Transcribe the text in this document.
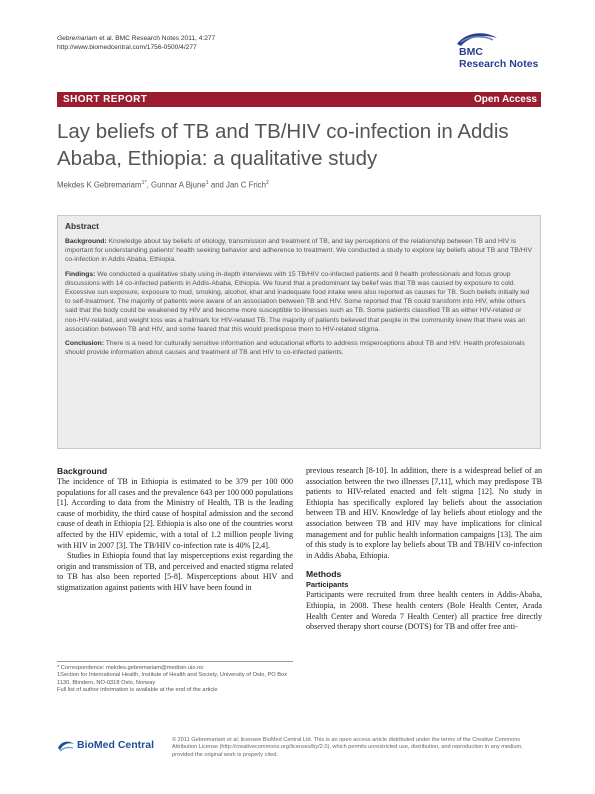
Gebremariam et al. BMC Research Notes 2011, 4:277
http://www.biomedcentral.com/1756-0500/4/277	BMC
Research Notes
SHORT REPORT	Open Access
Lay beliefs of TB and TB/HIV co-infection in Addis Ababa, Ethiopia: a qualitative study
Mekdes K Gebremariam$^{1*}$, Gunnar A Bjune$^1$ and Jan C Frich$^2$
Abstract

Background: Knowledge about lay beliefs of etiology, transmission and treatment of TB, and lay perceptions of the relationship between TB and HIV is important for understanding patients' health seeking behavior and adherence to treatment. We conducted a study to explore lay beliefs about TB and TB/HIV co-infection in Addis Ababa, Ethiopia.

Findings: We conducted a qualitative study using in-depth interviews with 15 TB/HIV co-infected patients and 9 health professionals and focus group discussions with 14 co-infected patients in Addis-Ababa, Ethiopia. We found that a predominant lay belief was that TB was caused by exposure to cold. Excessive sun exposure, exposure to mud, smoking, alcohol, khat and inadequate food intake were also reported as causes for TB. Such beliefs initially led to self-treatment. The majority of patients were aware of an association between TB and HIV. Some reported that TB could transform into HIV, while others said that the body could be weakened by HIV and become more susceptible to illnesses such as TB. Some patients classified TB as either HIV-related or non-HIV-related, and weight loss was a hallmark for HIV-related TB. The majority of patients believed that people in the community knew that there was an association between TB and HIV, and some feared that this would predispose them to HIV-related stigma.

Conclusion: There is a need for culturally sensitive information and educational efforts to address misperceptions about TB and HIV. Health professionals should provide information about causes and treatment of TB and HIV to co-infected patients.

Background

The incidence of TB in Ethiopia is estimated to be 379 per 100 000 populations for all cases and the prevalence 643 per 100 000 populations [1]. According to data from the Ministry of Health, TB is the leading cause of morbidity, the third cause of hospital admission and the second cause of death in Ethiopia [2]. Ethiopia is also one of the countries worst affected by the HIV epidemic, with a total of 1.2 million people living with HIV in 2007 [3]. The TB/HIV co-infection rate is 40% [2,4].

Studies in Ethiopia found that lay misperceptions exist regarding the origin and transmission of TB, and perceived and enacted stigma related to TB has also been reported [5-8]. Misperceptions about HIV and stigmatization against patients with HIV have been found in

previous research [8-10]. In addition, there is a widespread belief of an association between the two illnesses [7,11], which may predispose TB patients to HIV-related enacted and felt stigma [12]. No study in Ethiopia has specifically explored lay beliefs about the association between TB and HIV. Knowledge of lay beliefs about etiology and the association between TB and HIV may have implications for clinical management and for public health information campaigns [13]. The aim of this study is to explore lay beliefs about TB and TB/HIV co-infection in Addis Ababa, Ethiopia.

Methods
Participants

Participants were recruited from three health centers in Addis-Ababa, Ethiopia, in 2008. These health centers (Bole Health Center, Arada Health Center and Woreda 7 Health Center) all practice free directly observed therapy short course (DOTS) for TB and offer free anti-

* Correspondence: mekdes.gebremariam@medisin.uio.no
1Section for International Health, Institute of Health and Society, University of Oslo, PO Box 1130, Blindern, NO-0318 Oslo, Norway
Full list of author information is available at the end of the article
BioMed Central	© 2011 Gebremariam et al; licensee BioMed Central Ltd. This is an open access article distributed under the terms of the Creative Commons Attribution License (http://creativecommons.org/licenses/by/2.0), which permits unrestricted use, distribution, and reproduction in any medium, provided the original work is properly cited.
